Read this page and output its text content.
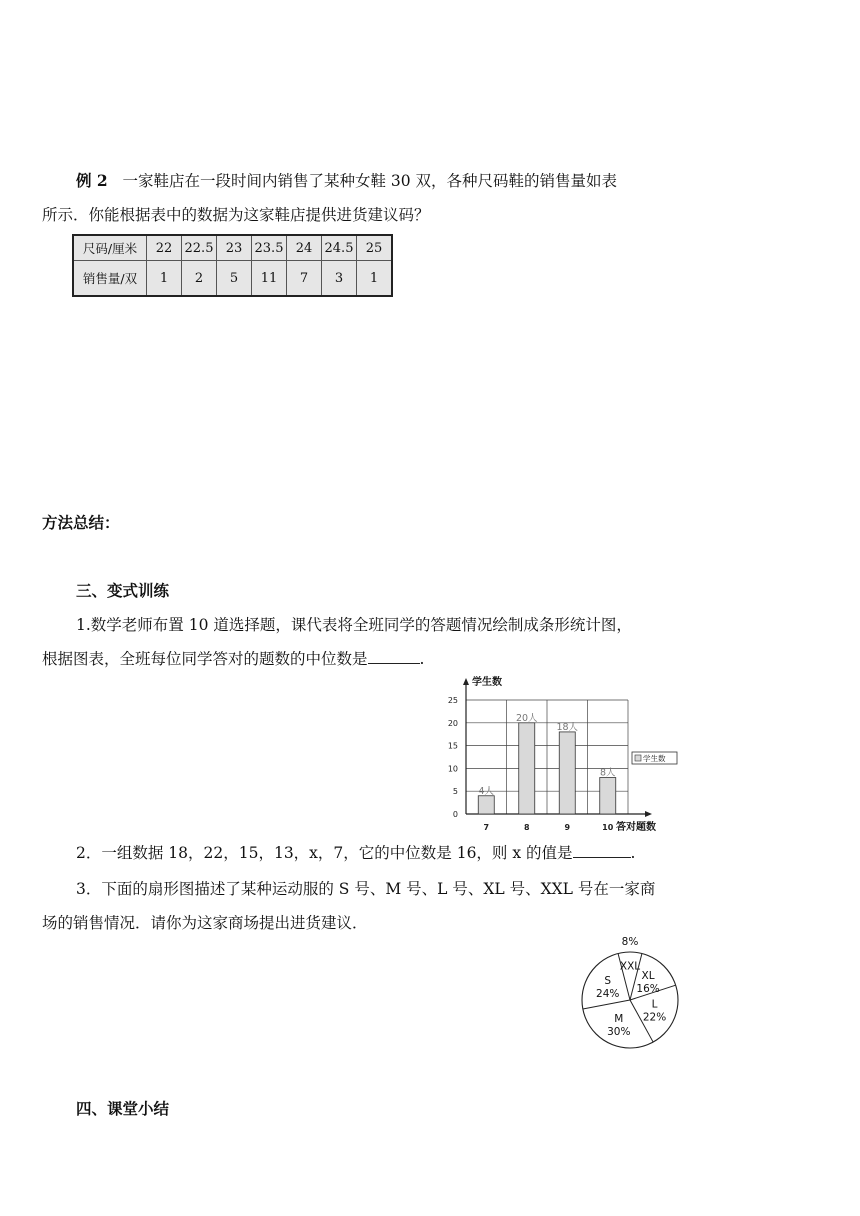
例 2 一家鞋店在一段时间内销售了某种女鞋 30 双，各种尺码鞋的销售量如表
所示．你能根据表中的数据为这家鞋店提供进货建议码？
尺码/厘米	22	22.5	23	23.5	24	24.5	25
销售量/双	1	2	5	11	7	3	1
方法总结：
三、变式训练
1.数学老师布置 10 道选择题，课代表将全班同学的答题情况绘制成条形统计图，
根据图表，全班每位同学答对的题数的中位数是	.
0
5
10
15
20
25
学生数
答对题数
4人
7
20人
8
18人
9
8人
10
学生数
2．一组数据 18，22，15，13，x，7，它的中位数是 16，则 x 的值是	.
3．下面的扇形图描述了某种运动服的 S 号、M 号、L 号、XL 号、XXL 号在一家商
场的销售情况．请你为这家商场提出进货建议．
XXL
8%
XL
16%
L
22%
M
30%
S
24%
四、课堂小结
